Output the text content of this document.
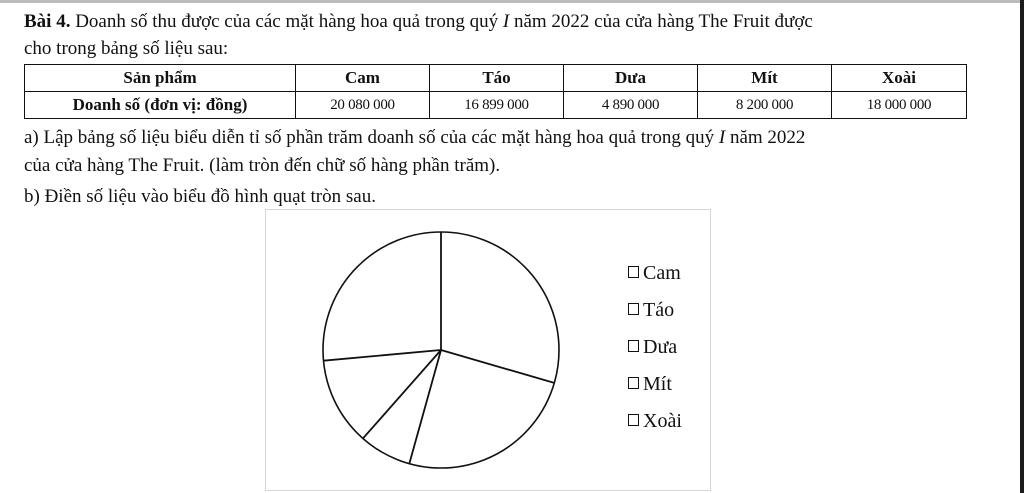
Bài 4. Doanh số thu được của các mặt hàng hoa quả trong quý I năm 2022 của cửa hàng The Fruit được
cho trong bảng số liệu sau:
Sản phẩm	Cam	Táo	Dưa	Mít	Xoài
Doanh số (đơn vị: đồng)	20 080 000	16 899 000	4 890 000	8 200 000	18 000 000
a) Lập bảng số liệu biểu diễn tỉ số phần trăm doanh số của các mặt hàng hoa quả trong quý I năm 2022
của cửa hàng The Fruit. (làm tròn đến chữ số hàng phần trăm).
b) Điền số liệu vào biểu đồ hình quạt tròn sau.
Cam
Táo
Dưa
Mít
Xoài
